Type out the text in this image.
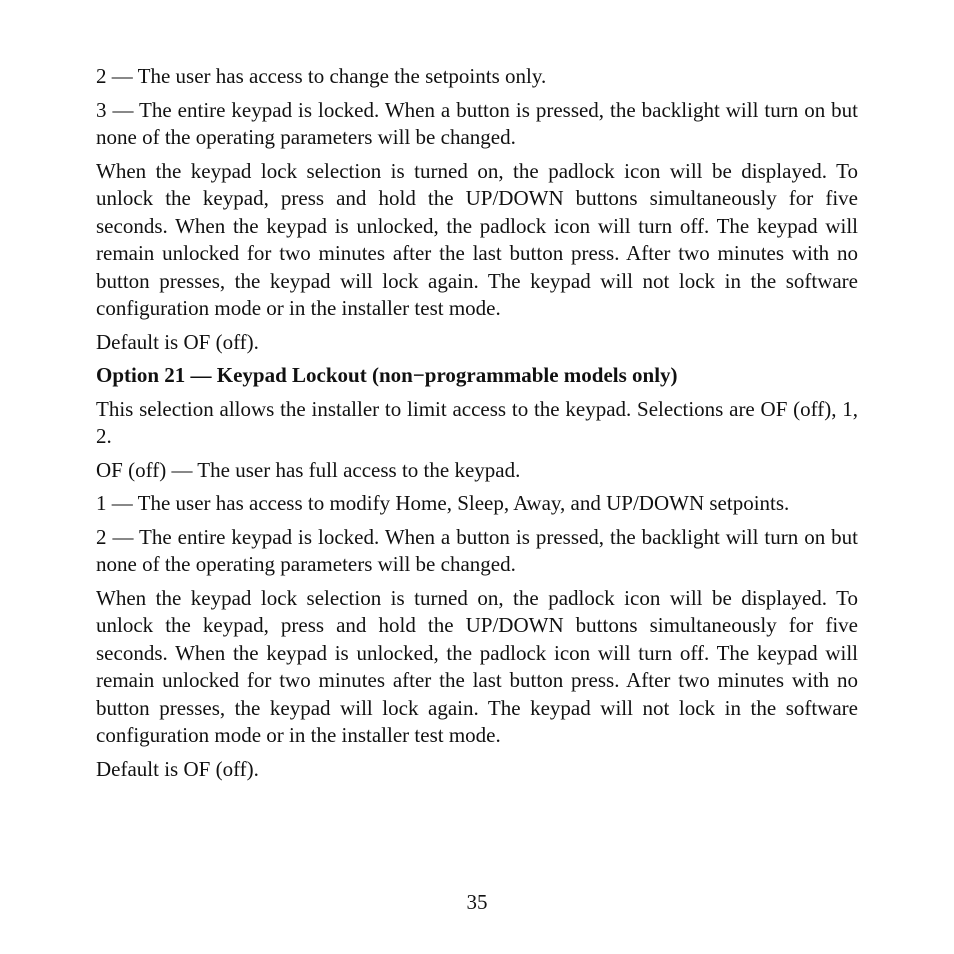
2 — The user has access to change the setpoints only.

3 — The entire keypad is locked. When a button is pressed, the backlight will turn on but none of the operating parameters will be changed.

When the keypad lock selection is turned on, the padlock icon will be displayed. To unlock the keypad, press and hold the UP/DOWN buttons simultaneously for five seconds. When the keypad is unlocked, the padlock icon will turn off. The keypad will remain unlocked for two minutes after the last button press. After two minutes with no button presses, the keypad will lock again. The keypad will not lock in the software configuration mode or in the installer test mode.

Default is OF (off).

Option 21 — Keypad Lockout (non−programmable models only)

This selection allows the installer to limit access to the keypad. Selections are OF (off), 1, 2.

OF (off) — The user has full access to the keypad.

1 — The user has access to modify Home, Sleep, Away, and UP/DOWN setpoints.

2 — The entire keypad is locked. When a button is pressed, the backlight will turn on but none of the operating parameters will be changed.

When the keypad lock selection is turned on, the padlock icon will be displayed. To unlock the keypad, press and hold the UP/DOWN buttons simultaneously for five seconds. When the keypad is unlocked, the padlock icon will turn off. The keypad will remain unlocked for two minutes after the last button press. After two minutes with no button presses, the keypad will lock again. The keypad will not lock in the software configuration mode or in the installer test mode.

Default is OF (off).

35
